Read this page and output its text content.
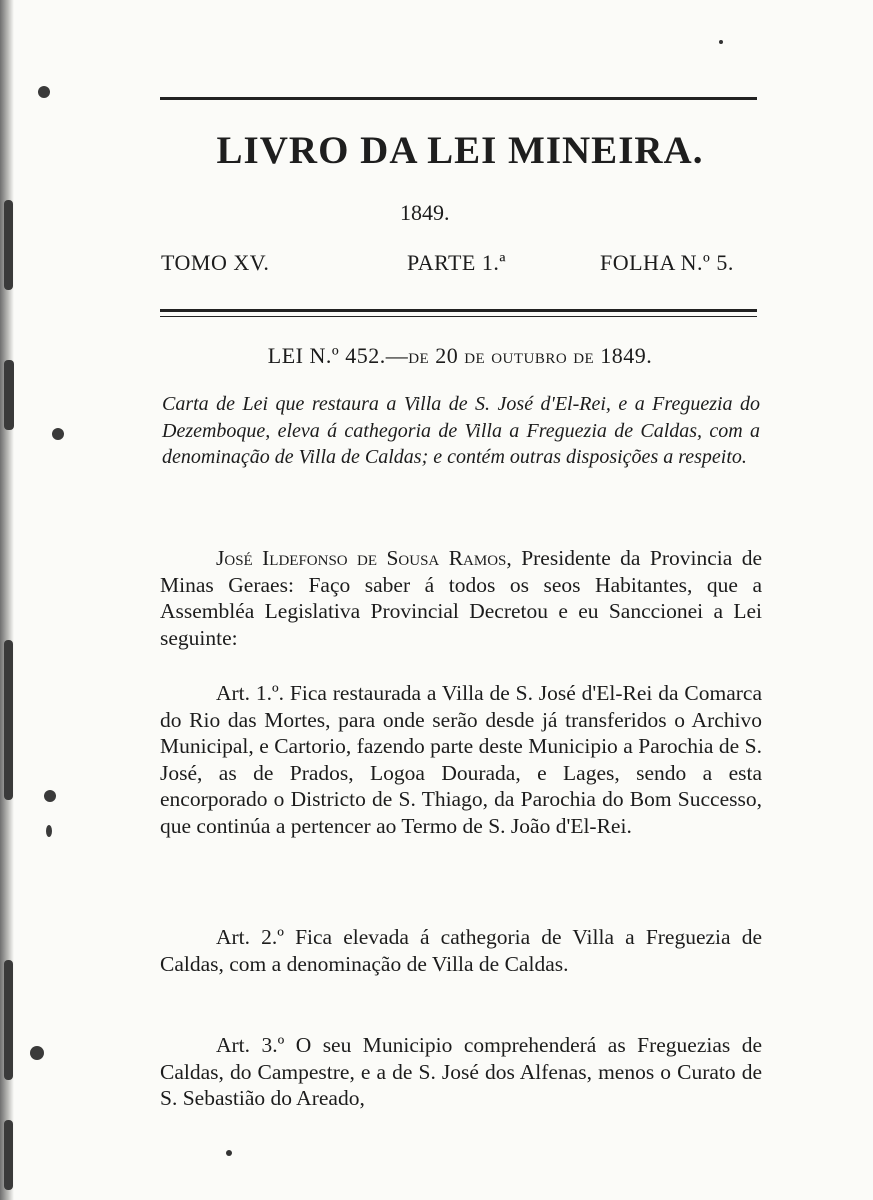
LIVRO DA LEI MINEIRA.
1849.
TOMO XV.	PARTE 1.ª	FOLHA N.º 5.
LEI N.º 452.—de 20 de outubro de 1849.
Carta de Lei que restaura a Villa de S. José d'El-Rei, e a Freguezia do Dezemboque, eleva á cathegoria de Villa a Freguezia de Caldas, com a denominação de Villa de Caldas; e contém outras disposições a respeito.
José Ildefonso de Sousa Ramos, Presidente da Provincia de Minas Geraes: Faço saber á todos os seos Habitantes, que a Assembléa Legislativa Provincial Decretou e eu Sanccionei a Lei seguinte:
Art. 1.º. Fica restaurada a Villa de S. José d'El-Rei da Comarca do Rio das Mortes, para onde serão desde já transferidos o Archivo Municipal, e Cartorio, fazendo parte deste Municipio a Parochia de S. José, as de Prados, Logoa Dourada, e Lages, sendo a esta encorporado o Districto de S. Thiago, da Parochia do Bom Successo, que continúa a pertencer ao Termo de S. João d'El-Rei.
Art. 2.º Fica elevada á cathegoria de Villa a Freguezia de Caldas, com a denominação de Villa de Caldas.
Art. 3.º O seu Municipio comprehenderá as Freguezias de Caldas, do Campestre, e a de S. José dos Alfenas, menos o Curato de S. Sebastião do Areado,
